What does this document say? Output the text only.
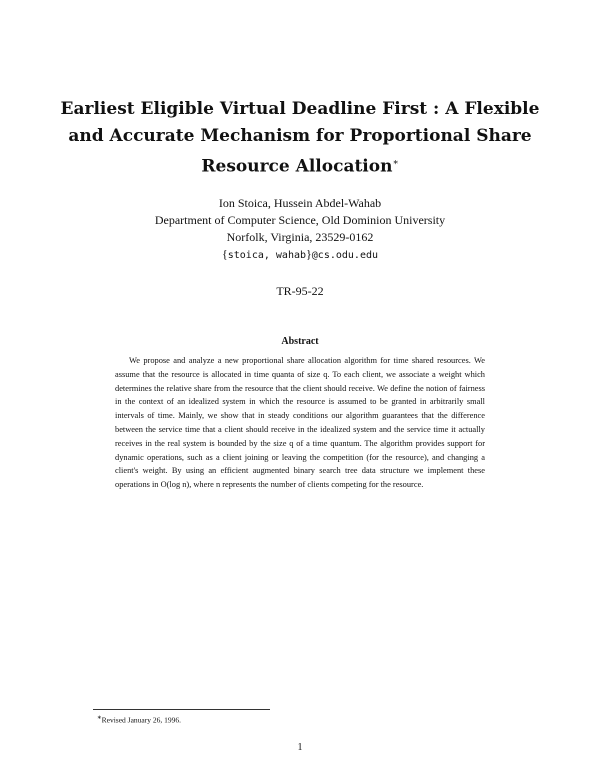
Earliest Eligible Virtual Deadline First : A Flexible and Accurate Mechanism for Proportional Share Resource Allocation∗
Ion Stoica, Hussein Abdel-Wahab
Department of Computer Science, Old Dominion University
Norfolk, Virginia, 23529-0162
{stoica, wahab}@cs.odu.edu
TR-95-22
Abstract

We propose and analyze a new proportional share allocation algorithm for time shared resources. We assume that the resource is allocated in time quanta of size q. To each client, we associate a weight which determines the relative share from the resource that the client should receive. We define the notion of fairness in the context of an idealized system in which the resource is assumed to be granted in arbitrarily small intervals of time. Mainly, we show that in steady conditions our algorithm guarantees that the difference between the service time that a client should receive in the idealized system and the service time it actually receives in the real system is bounded by the size q of a time quantum. The algorithm provides support for dynamic operations, such as a client joining or leaving the competition (for the resource), and changing a client's weight. By using an efficient augmented binary search tree data structure we implement these operations in O(log n), where n represents the number of clients competing for the resource.

∗Revised January 26, 1996.
1
